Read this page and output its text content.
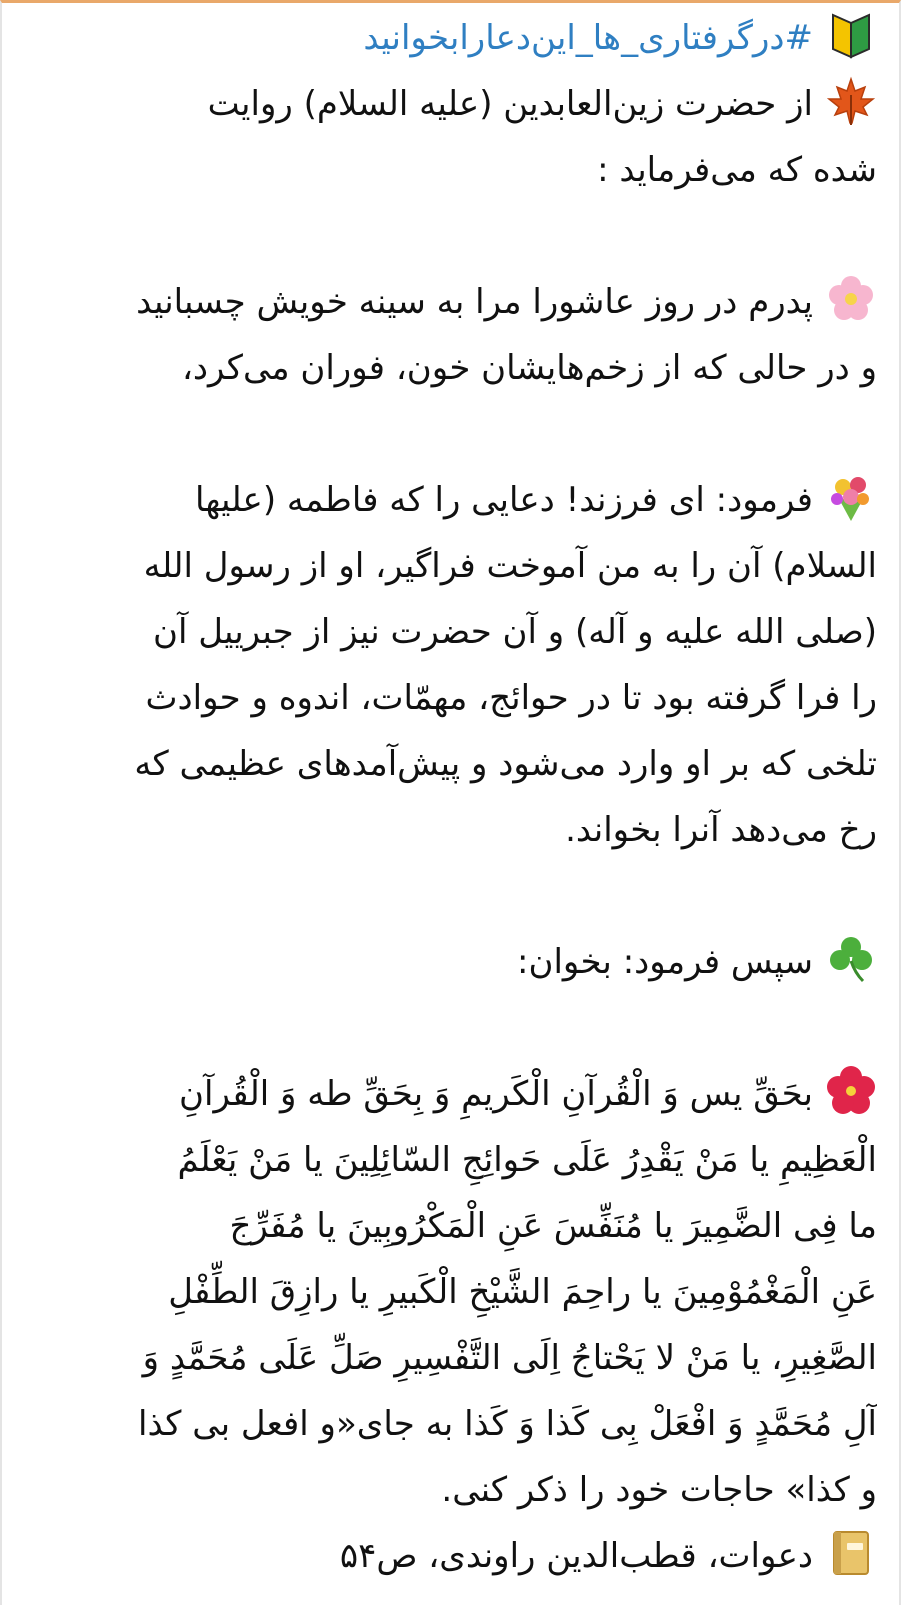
#درگرفتاری_ها_این‌دعارابخوانید
از حضرت زین‌العابدین (علیه السلام) روایت
شده که می‌فرماید :
پدرم در روز عاشورا مرا به سینه خویش چسبانید
و در حالی که از زخم‌هایشان خون، فوران می‌کرد،
فرمود: ای فرزند! دعایی را که فاطمه (علیها
السلام) آن را به من آموخت فراگیر، او از رسول الله
(صلی الله علیه و آله) و آن حضرت نیز از جبرییل آن
را فرا گرفته بود تا در حوائج، مهمّات، اندوه و حوادث
تلخی که بر او وارد می‌شود و پیش‌آمدهای عظیمی که
رخ می‌دهد آنرا بخواند.
سپس فرمود: بخوان:
بحَقِّ یس وَ الْقُرآنِ الْکَریمِ وَ بِحَقِّ طه وَ الْقُرآنِ
الْعَظِیمِ یا مَنْ یَقْدِرُ عَلَی حَوائِجِ السّائِلِینَ یا مَنْ یَعْلَمُ
ما فِی الضَّمِیرَ یا مُنَفِّسَ عَنِ الْمَکْرُوبِینَ یا مُفَرِّجَ
عَنِ الْمَغْمُوْمِینَ یا راحِمَ الشَّیْخِ الْکَبیرِ یا رازِقَ الطِّفْلِ
الصَّغِیرِ، یا مَنْ لا یَحْتاجُ اِلَی التَّفْسِیرِ صَلِّ عَلَی مُحَمَّدٍ وَ
آلِ مُحَمَّدٍ وَ افْعَلْ بِی کَذا وَ کَذا به جای«و افعل بی کذا
و کذا» حاجات خود را ذکر کنی.
دعوات، قطب‌الدین راوندی، ص۵۴
